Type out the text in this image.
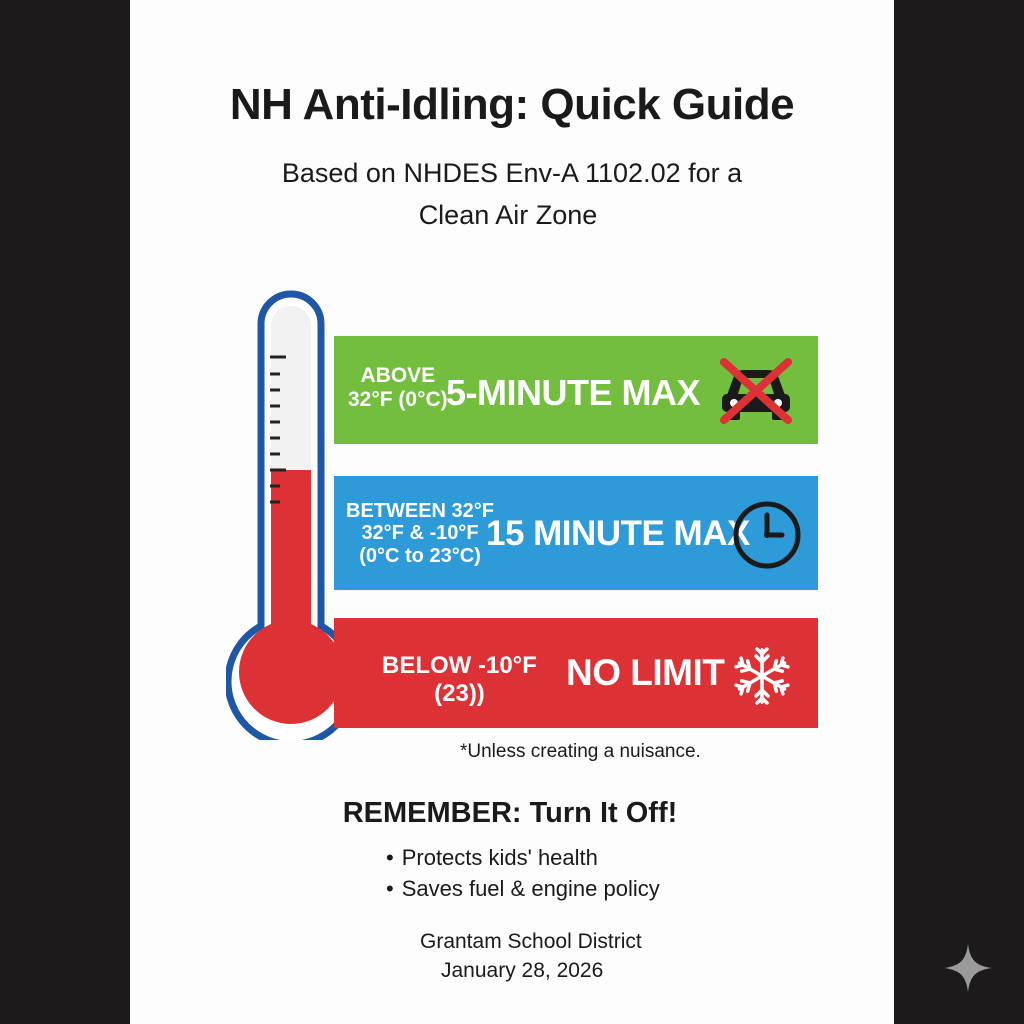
NH Anti-Idling: Quick Guide
Based on NHDES Env-A 1102.02 for a
Clean Air Zone
ABOVE
32°F (0°C)
5-MINUTE MAX
BETWEEN 32°F
32°F & -10°F
(0°C to 23°C)
15 MINUTE MAX
BELOW -10°F
(23))
NO LIMIT
*Unless creating a nuisance.
REMEMBER: Turn It Off!
• Protects kids' health
• Saves fuel & engine policy
Grantam School District
January 28, 2026
